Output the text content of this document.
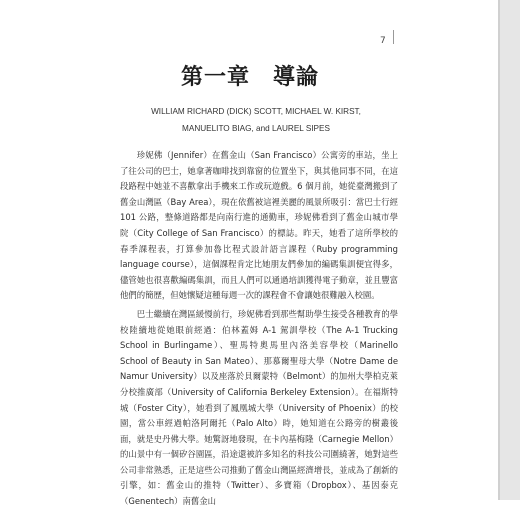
7
第一章　導論
WILLIAM RICHARD (DICK) SCOTT, MICHAEL W. KIRST, MANUELITO BIAG, and LAUREL SIPES

珍妮佛（Jennifer）在舊金山（San Francisco）公寓旁的車站，坐上了往公司的巴士，她拿著咖啡找到靠窗的位置坐下，與其他同事不同，在這段路程中她並不喜歡拿出手機來工作或玩遊戲。6 個月前，她從臺灣搬到了舊金山灣區（Bay Area），現在依舊被這裡美麗的風景所吸引：當巴士行經 101 公路，整條道路都是向南行進的通勤車，珍妮佛看到了舊金山城市學院（City College of San Francisco）的標誌。昨天，她看了這所學校的春季課程表，打算參加魯比程式設計語言課程（Ruby programming language course），這個課程肯定比她朋友們參加的編碼集訓便宜得多，儘管她也很喜歡編碼集訓，而且人們可以通過培訓獲得電子動章，並且豐富他們的簡歷，但她懷疑這種每週一次的課程會不會讓她很難融入校園。

巴士繼續在灣區緩慢前行，珍妮佛看到那些幫助學生接受各種教育的學校陸續地從她眼前經過：伯林蓋姆 A-1 駕訓學校（The A-1 Trucking School in Burlingame）、聖馬特奧馬里內洛美容學校（Marinello School of Beauty in San Mateo）、那慕爾聖母大學（Notre Dame de Namur University）以及座落於貝爾蒙特（Belmont）的加州大學柏克萊分校推廣部（University of California Berkeley Extension）。在福斯特城（Foster City），她看到了鳳凰城大學（University of Phoenix）的校園，當公車經過帕洛阿爾托（Palo Alto）時，她知道在公路旁的樹叢後面，就是史丹佛大學。她驚訝地發現，在卡內基梅隆（Carnegie Mellon）的山景中有一個矽谷園區，沿途還被許多知名的科技公司圍繞著，她對這些公司非常熟悉，正是這些公司推動了舊金山灣區經濟增長，並成為了創新的引擎，如：舊金山的推特（Twitter）、多寶箱（Dropbox）、基因泰克（Genentech）南舊金山
